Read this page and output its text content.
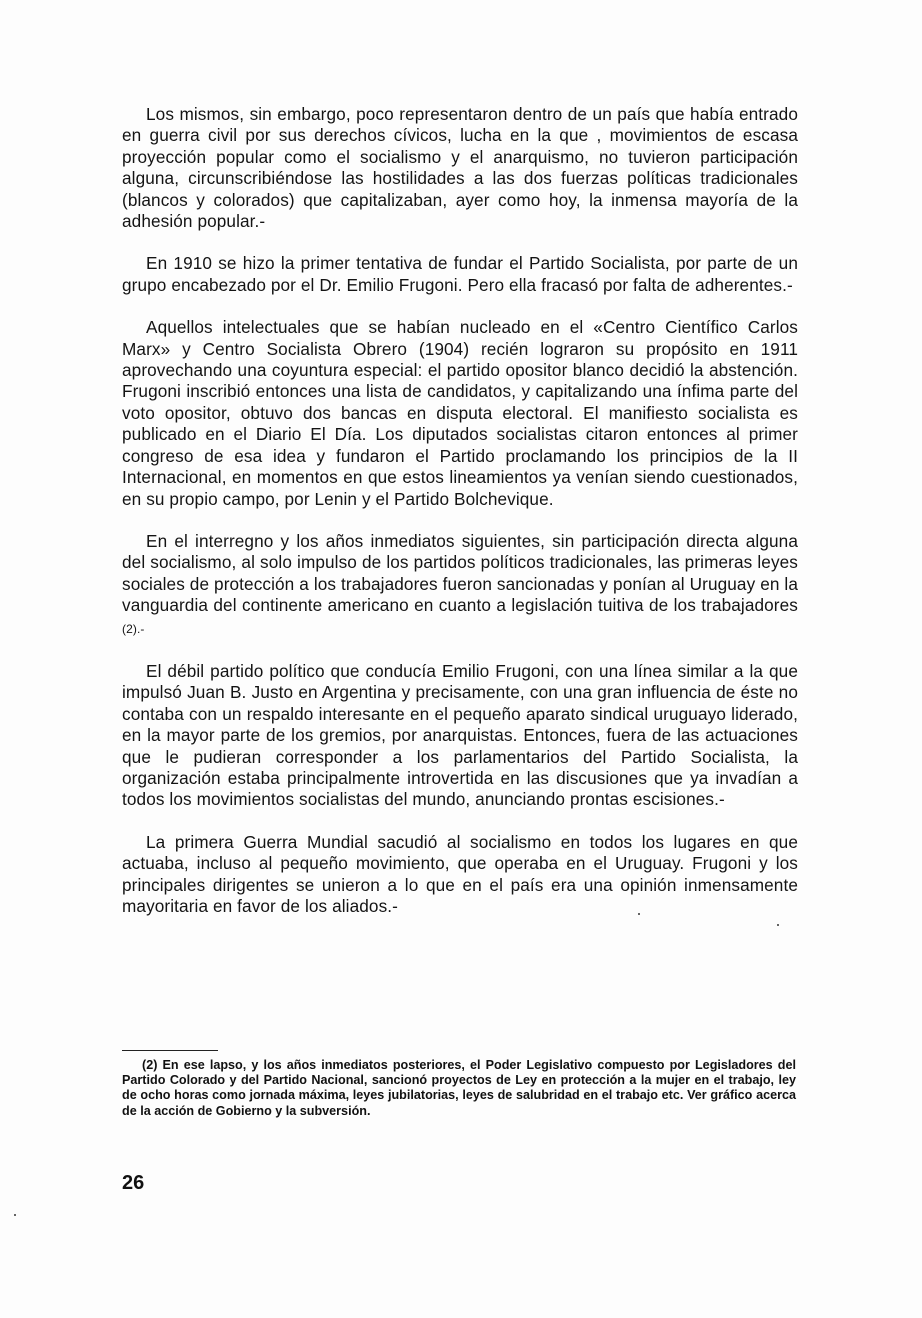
Los mismos, sin embargo, poco representaron dentro de un país que había entrado en guerra civil por sus derechos cívicos, lucha en la que , movimientos de escasa proyección popular como el socialismo y el anarquismo, no tuvieron participación alguna, circunscribiéndose las hostilidades a las dos fuerzas políticas tradicionales (blancos y colorados) que capitalizaban, ayer como hoy, la inmensa mayoría de la adhesión popular.-

En 1910 se hizo la primer tentativa de fundar el Partido Socialista, por parte de un grupo encabezado por el Dr. Emilio Frugoni. Pero ella fracasó por falta de adherentes.-

Aquellos intelectuales que se habían nucleado en el «Centro Científico Carlos Marx» y Centro Socialista Obrero (1904) recién lograron su propósito en 1911 aprovechando una coyuntura especial: el partido opositor blanco decidió la abstención. Frugoni inscribió entonces una lista de candidatos, y capitalizando una ínfima parte del voto opositor, obtuvo dos bancas en disputa electoral. El manifiesto socialista es publicado en el Diario El Día. Los diputados socialistas citaron entonces al primer congreso de esa idea y fundaron el Partido proclamando los principios de la II Internacional, en momentos en que estos lineamientos ya venían siendo cuestionados, en su propio campo, por Lenin y el Partido Bolchevique.

En el interregno y los años inmediatos siguientes, sin participación directa alguna del socialismo, al solo impulso de los partidos políticos tradicionales, las primeras leyes sociales de protección a los trabajadores fueron sancionadas y ponían al Uruguay en la vanguardia del continente americano en cuanto a legislación tuitiva de los trabajadores (2).-

El débil partido político que conducía Emilio Frugoni, con una línea similar a la que impulsó Juan B. Justo en Argentina y precisamente, con una gran influencia de éste no contaba con un respaldo interesante en el pequeño aparato sindical uruguayo liderado, en la mayor parte de los gremios, por anarquistas. Entonces, fuera de las actuaciones que le pudieran corresponder a los parlamentarios del Partido Socialista, la organización estaba principalmente introvertida en las discusiones que ya invadían a todos los movimientos socialistas del mundo, anunciando prontas escisiones.-

La primera Guerra Mundial sacudió al socialismo en todos los lugares en que actuaba, incluso al pequeño movimiento, que operaba en el Uruguay. Frugoni y los principales dirigentes se unieron a lo que en el país era una opinión inmensamente mayoritaria en favor de los aliados.-

(2) En ese lapso, y los años inmediatos posteriores, el Poder Legislativo compuesto por Legisladores del Partido Colorado y del Partido Nacional, sancionó proyectos de Ley en protección a la mujer en el trabajo, ley de ocho horas como jornada máxima, leyes jubilatorias, leyes de salubridad en el trabajo etc. Ver gráfico acerca de la acción de Gobierno y la subversión.
26
